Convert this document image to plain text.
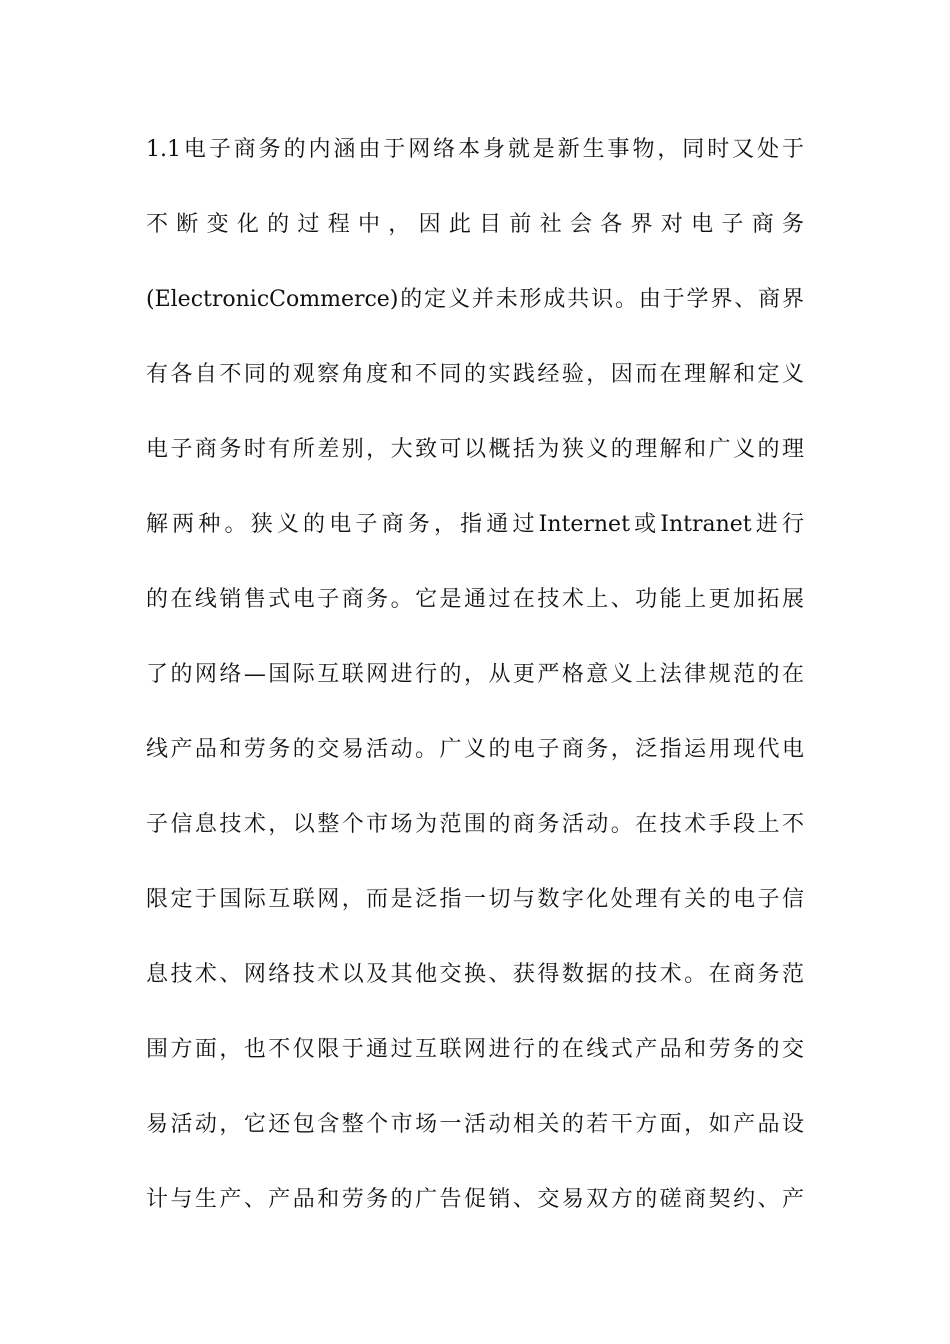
1.1电子商务的内涵由于网络本身就是新生事物，同时又处于

不断变化的过程中，因此目前社会各界对电子商务

(ElectronicCommerce)的定义并未形成共识。由于学界、商界

有各自不同的观察角度和不同的实践经验，因而在理解和定义

电子商务时有所差别，大致可以概括为狭义的理解和广义的理

解两种。狭义的电子商务，指通过Internet或Intranet进行

的在线销售式电子商务。它是通过在技术上、功能上更加拓展

了的网络—国际互联网进行的，从更严格意义上法律规范的在

线产品和劳务的交易活动。广义的电子商务，泛指运用现代电

子信息技术，以整个市场为范围的商务活动。在技术手段上不

限定于国际互联网，而是泛指一切与数字化处理有关的电子信

息技术、网络技术以及其他交换、获得数据的技术。在商务范

围方面，也不仅限于通过互联网进行的在线式产品和劳务的交

易活动，它还包含整个市场一活动相关的若干方面，如产品设

计与生产、产品和劳务的广告促销、交易双方的磋商契约、产
